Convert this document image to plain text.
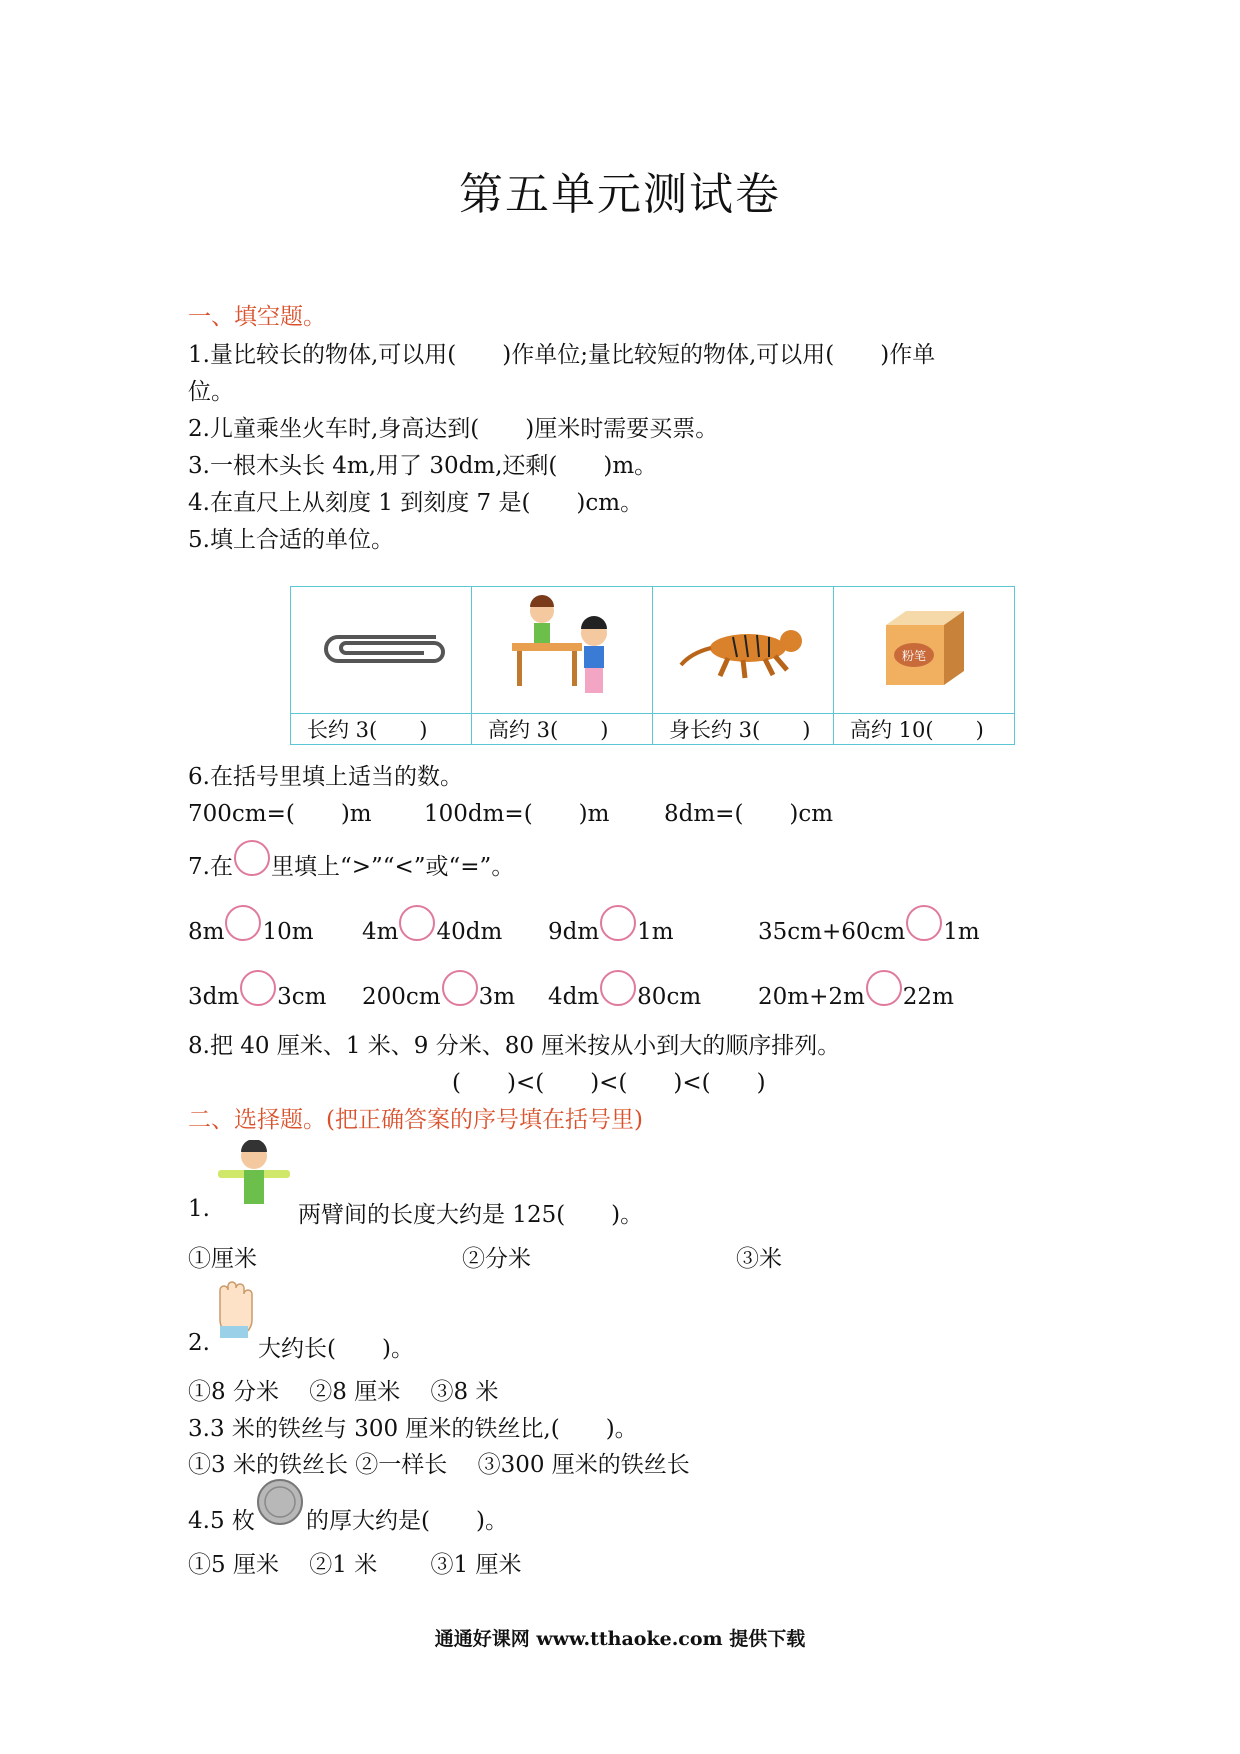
第五单元测试卷
一、填空题。
1.量比较长的物体,可以用(　　)作单位;量比较短的物体,可以用(　　)作单
位。
2.儿童乘坐火车时,身高达到(　　)厘米时需要买票。
3.一根木头长 4m,用了 30dm,还剩(　　)m。
4.在直尺上从刻度 1 到刻度 7 是(　　)cm。
5.填上合适的单位。

粉笔

长约 3(　　)	高约 3(　　)	身长约 3(　　)	高约 10(　　)
6.在括号里填上适当的数。
700cm=(　　)m 100dm=(　　)m 8dm=(　　)cm
7.在 里填上“>”“<”或“=”。
8m 10m 4m 40dm 9dm 1m	35cm+60cm 1m
3dm 3cm 200cm 3m 4dm 80cm 20m+2m 22m
8.把 40 厘米、1 米、9 分米、80 厘米按从小到大的顺序排列。
(　　)<(　　)<(　　)<(　　)
二、选择题。(把正确答案的序号填在括号里)
1.	两臂间的长度大约是 125(　　)。
①厘米	②分米	③米
2. 大约长(　　)。
①8 分米　 ②8 厘米　 ③8 米
3.3 米的铁丝与 300 厘米的铁丝比,(　　)。
①3 米的铁丝长 ②一样长　 ③300 厘米的铁丝长
4.5 枚 的厚大约是(　　)。
①5 厘米　 ②1 米　　 ③1 厘米
通通好课网 www.tthaoke.com 提供下载
